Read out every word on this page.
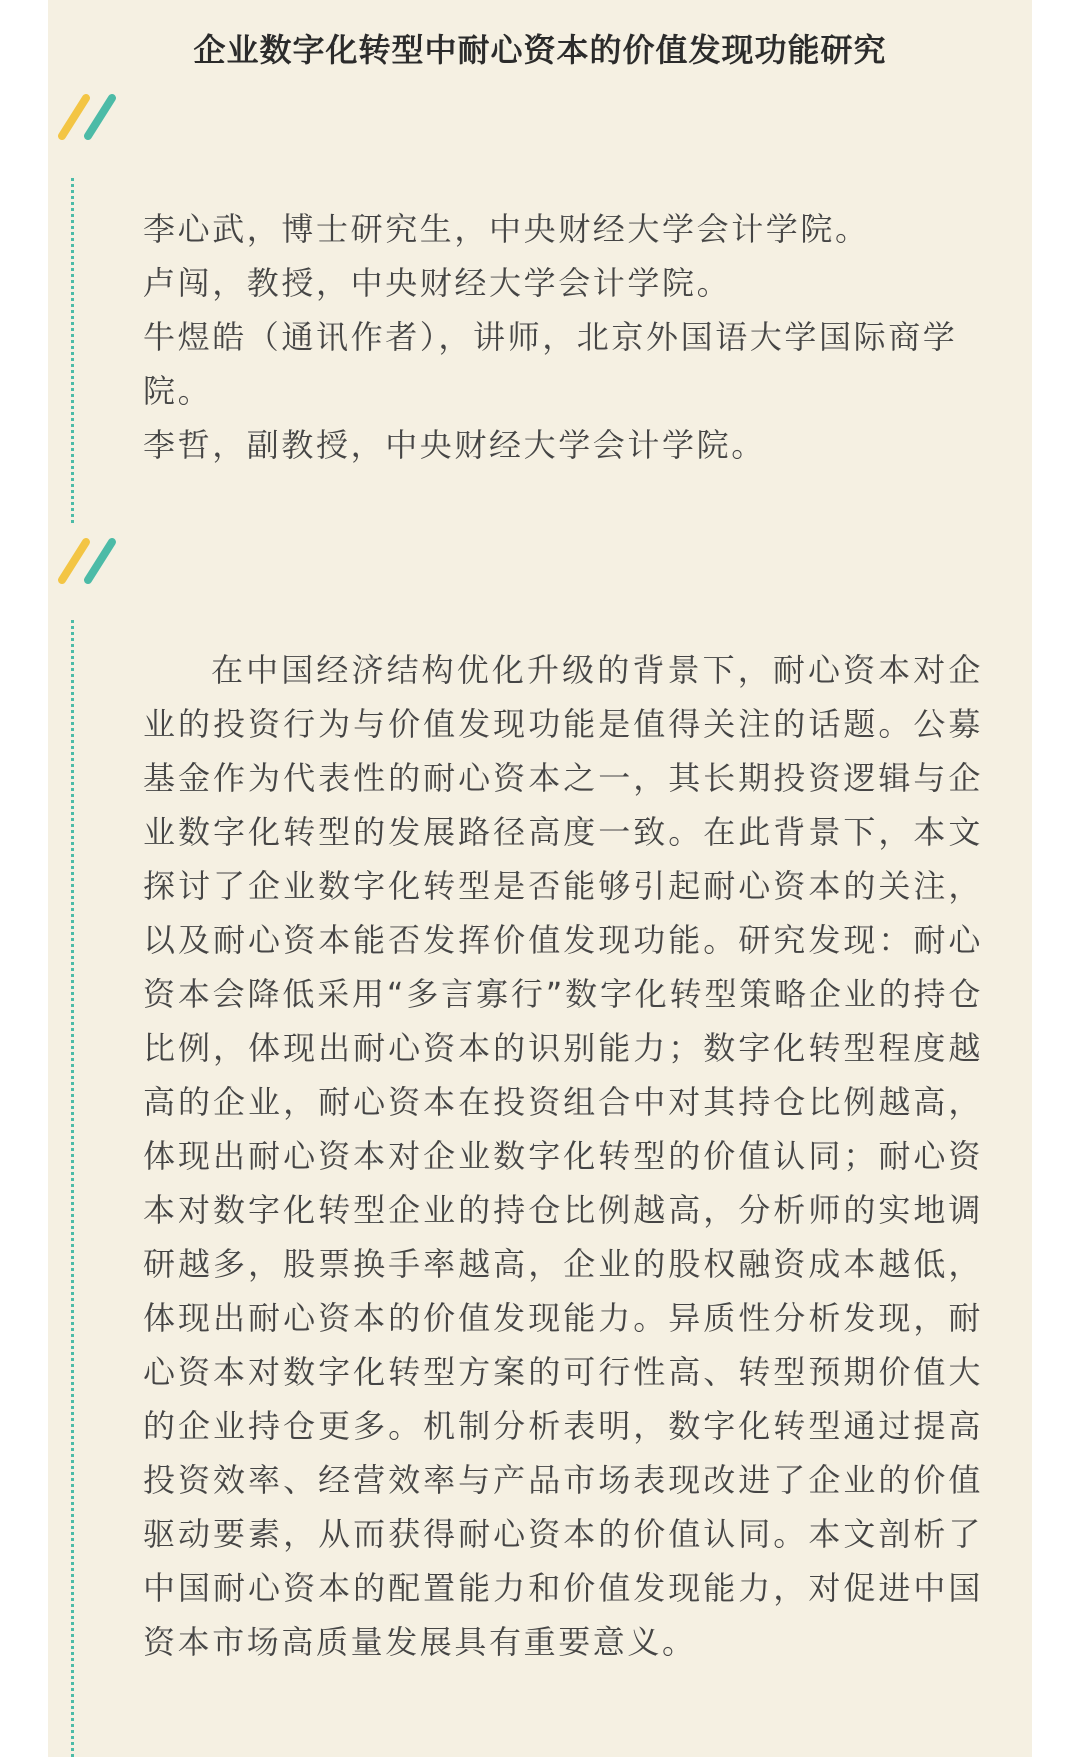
企业数字化转型中耐心资本的价值发现功能研究

李心武，博士研究生，中央财经大学会计学院。

卢闯，教授，中央财经大学会计学院。

牛煜皓（通讯作者），讲师，北京外国语大学国际商学院。

李哲，副教授，中央财经大学会计学院。

在中国经济结构优化升级的背景下，耐心资本对企业的投资行为与价值发现功能是值得关注的话题。公募基金作为代表性的耐心资本之一，其长期投资逻辑与企业数字化转型的发展路径高度一致。在此背景下，本文探讨了企业数字化转型是否能够引起耐心资本的关注，以及耐心资本能否发挥价值发现功能。研究发现：耐心资本会降低采用“多言寡行”数字化转型策略企业的持仓比例，体现出耐心资本的识别能力；数字化转型程度越高的企业，耐心资本在投资组合中对其持仓比例越高，体现出耐心资本对企业数字化转型的价值认同；耐心资本对数字化转型企业的持仓比例越高，分析师的实地调研越多，股票换手率越高，企业的股权融资成本越低，体现出耐心资本的价值发现能力。异质性分析发现，耐心资本对数字化转型方案的可行性高、转型预期价值大的企业持仓更多。机制分析表明，数字化转型通过提高投资效率、经营效率与产品市场表现改进了企业的价值驱动要素，从而获得耐心资本的价值认同。本文剖析了中国耐心资本的配置能力和价值发现能力，对促进中国资本市场高质量发展具有重要意义。
